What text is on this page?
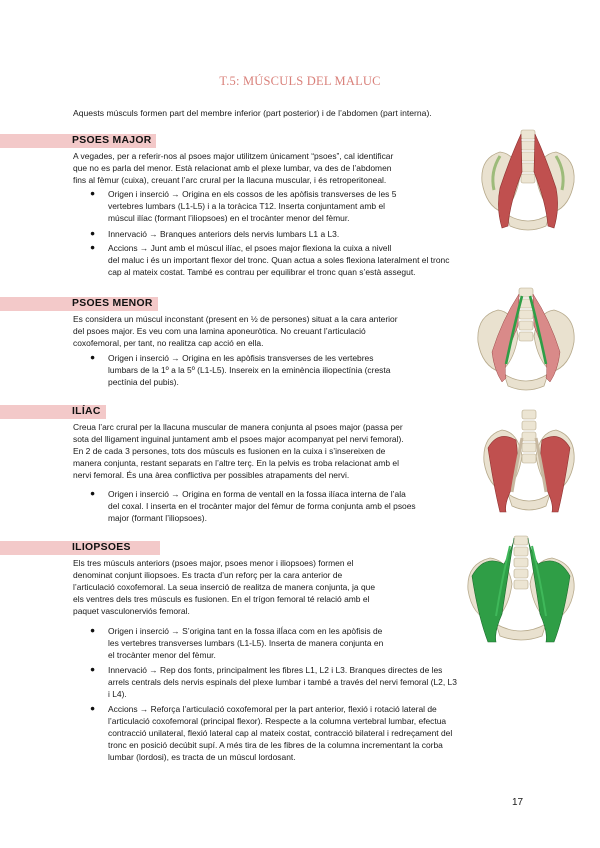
T.5: MÚSCULS DEL MALUC
Aquests músculs formen part del membre inferior (part posterior) i de l’abdomen (part interna).
PSOES MAJOR
A vegades, per a referir-nos al psoes major utilitzem únicament “psoes”, cal identificar
que no es parla del menor. Està relacionat amb el plexe lumbar, va des de l’abdomen
fins al fèmur (cuixa), creuant l’arc crural per la llacuna muscular, i és retroperitoneal.
● Origen i inserció → Origina en els cossos de les apòfisis transverses de les 5
vertebres lumbars (L1-L5) i a la toràcica T12. Inserta conjuntament amb el
múscul ilíac (formant l’iliopsoes) en el trocànter menor del fèmur.
● Innervació → Branques anteriors dels nervis lumbars L1 a L3.
● Accions → Junt amb el múscul ilíac, el psoes major flexiona la cuixa a nivell
del maluc i és un important flexor del tronc. Quan actua a soles flexiona lateralment el tronc
cap al mateix costat. També es contrau per equilibrar el tronc quan s’està assegut.
PSOES MENOR
Es considera un múscul inconstant (present en ½ de persones) situat a la cara anterior
del psoes major. Es veu com una lamina aponeuròtica. No creuant l’articulació
coxofemoral, per tant, no realitza cap acció en ella.
● Origen i inserció → Origina en les apòfisis transverses de les vertebres
lumbars de la 1º a la 5º (L1-L5). Insereix en la eminència iliopectínia (cresta
pectínia del pubis).
ILÍAC
Creua l’arc crural per la llacuna muscular de manera conjunta al psoes major (passa per
sota del lligament inguinal juntament amb el psoes major acompanyat pel nervi femoral).
En 2 de cada 3 persones, tots dos músculs es fusionen en la cuixa i s’insereixen de
manera conjunta, restant separats en l’altre terç. En la pelvis es troba relacionat amb el
nervi femoral. És una àrea conflictiva per possibles atrapaments del nervi.
● Origen i inserció → Origina en forma de ventall en la fossa ilíaca interna de l’ala
del coxal. I inserta en el trocànter major del fèmur de forma conjunta amb el psoes
major (formant l’iliopsoes).
ILIOPSOES
Els tres músculs anteriors (psoes major, psoes menor i iliopsoes) formen el
denominat conjunt iliopsoes. Es tracta d’un reforç per la cara anterior de
l’articulació coxofemoral. La seua inserció de realitza de manera conjunta, ja que
els ventres dels tres músculs es fusionen. En el trígon femoral té relació amb el
paquet vasculonerviós femoral.
● Origen i inserció → S’origina tant en la fossa ilÍaca com en les apòfisis de
les vertebres transverses lumbars (L1-L5). Inserta de manera conjunta en
el trocànter menor del fèmur.
● Innervació → Rep dos fonts, principalment les fibres L1, L2 i L3. Branques directes de les
arrels centrals dels nervis espinals del plexe lumbar i també a través del nervi femoral (L2, L3
i L4).
● Accions → Reforça l’articulació coxofemoral per la part anterior, flexió i rotació lateral de
l’articulació coxofemoral (principal flexor). Respecte a la columna vertebral lumbar, efectua
contracció unilateral, flexió lateral cap al mateix costat, contracció bilateral i redreçament del
tronc en posició decúbit supí. A més tira de les fibres de la columna incrementant la corba
lumbar (lordosi), es tracta de un múscul lordosant.
17
